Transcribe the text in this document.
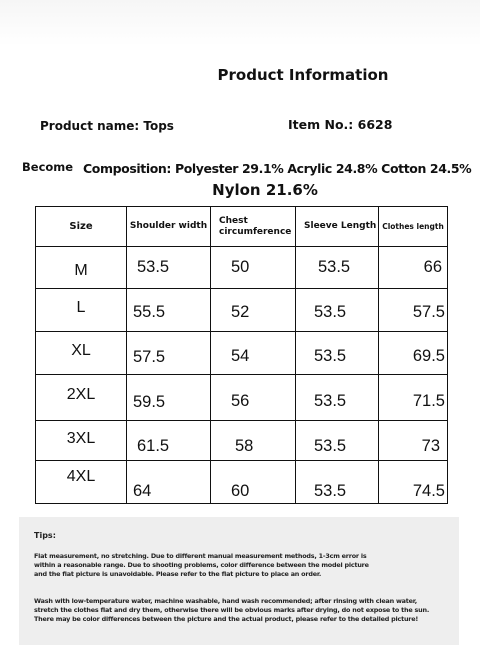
Product Information
Product name: Tops	Item No.: 6628
Become Composition: Polyester 29.1% Acrylic 24.8% Cotton 24.5%
Nylon 21.6%
Size	Shoulder width	Chest circumference	Sleeve Length	Clothes length
M	53.5	50	53.5	66
L	55.5	52	53.5	57.5
XL	57.5	54	53.5	69.5
2XL	59.5	56	53.5	71.5
3XL	61.5	58	53.5	73
4XL	64	60	53.5	74.5
Tips:

Flat measurement, no stretching. Due to different manual measurement methods, 1-3cm error is

within a reasonable range. Due to shooting problems, color difference between the model picture

and the flat picture is unavoidable. Please refer to the flat picture to place an order.

Wash with low-temperature water, machine washable, hand wash recommended; after rinsing with clean water,

stretch the clothes flat and dry them, otherwise there will be obvious marks after drying, do not expose to the sun.

There may be color differences between the picture and the actual product, please refer to the detailed picture!
